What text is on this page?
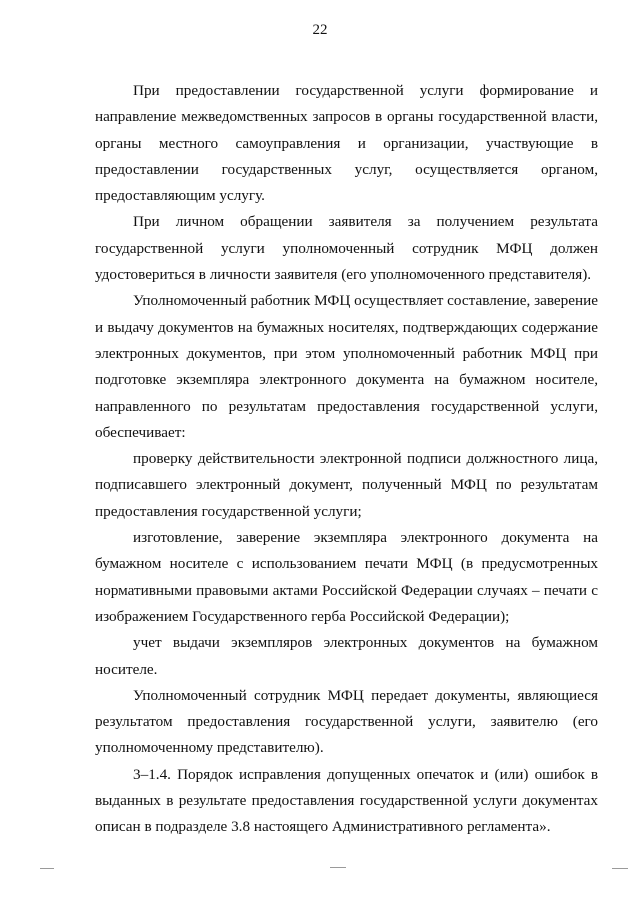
22

При предоставлении государственной услуги формирование и направление межведомственных запросов в органы государственной власти, органы местного самоуправления и организации, участвующие в предоставлении государственных услуг, осуществляется органом, предоставляющим услугу.

При личном обращении заявителя за получением результата государственной услуги уполномоченный сотрудник МФЦ должен удостовериться в личности заявителя (его уполномоченного представителя).

Уполномоченный работник МФЦ осуществляет составление, заверение и выдачу документов на бумажных носителях, подтверждающих содержание электронных документов, при этом уполномоченный работник МФЦ при подготовке экземпляра электронного документа на бумажном носителе, направленного по результатам предоставления государственной услуги, обеспечивает:

проверку действительности электронной подписи должностного лица, подписавшего электронный документ, полученный МФЦ по результатам предоставления государственной услуги;

изготовление, заверение экземпляра электронного документа на бумажном носителе с использованием печати МФЦ (в предусмотренных нормативными правовыми актами Российской Федерации случаях – печати с изображением Государственного герба Российской Федерации);

учет выдачи экземпляров электронных документов на бумажном носителе.

Уполномоченный сотрудник МФЦ передает документы, являющиеся результатом предоставления государственной услуги, заявителю (его уполномоченному представителю).

3–1.4. Порядок исправления допущенных опечаток и (или) ошибок в выданных в результате предоставления государственной услуги документах описан в подразделе 3.8 настоящего Административного регламента».
